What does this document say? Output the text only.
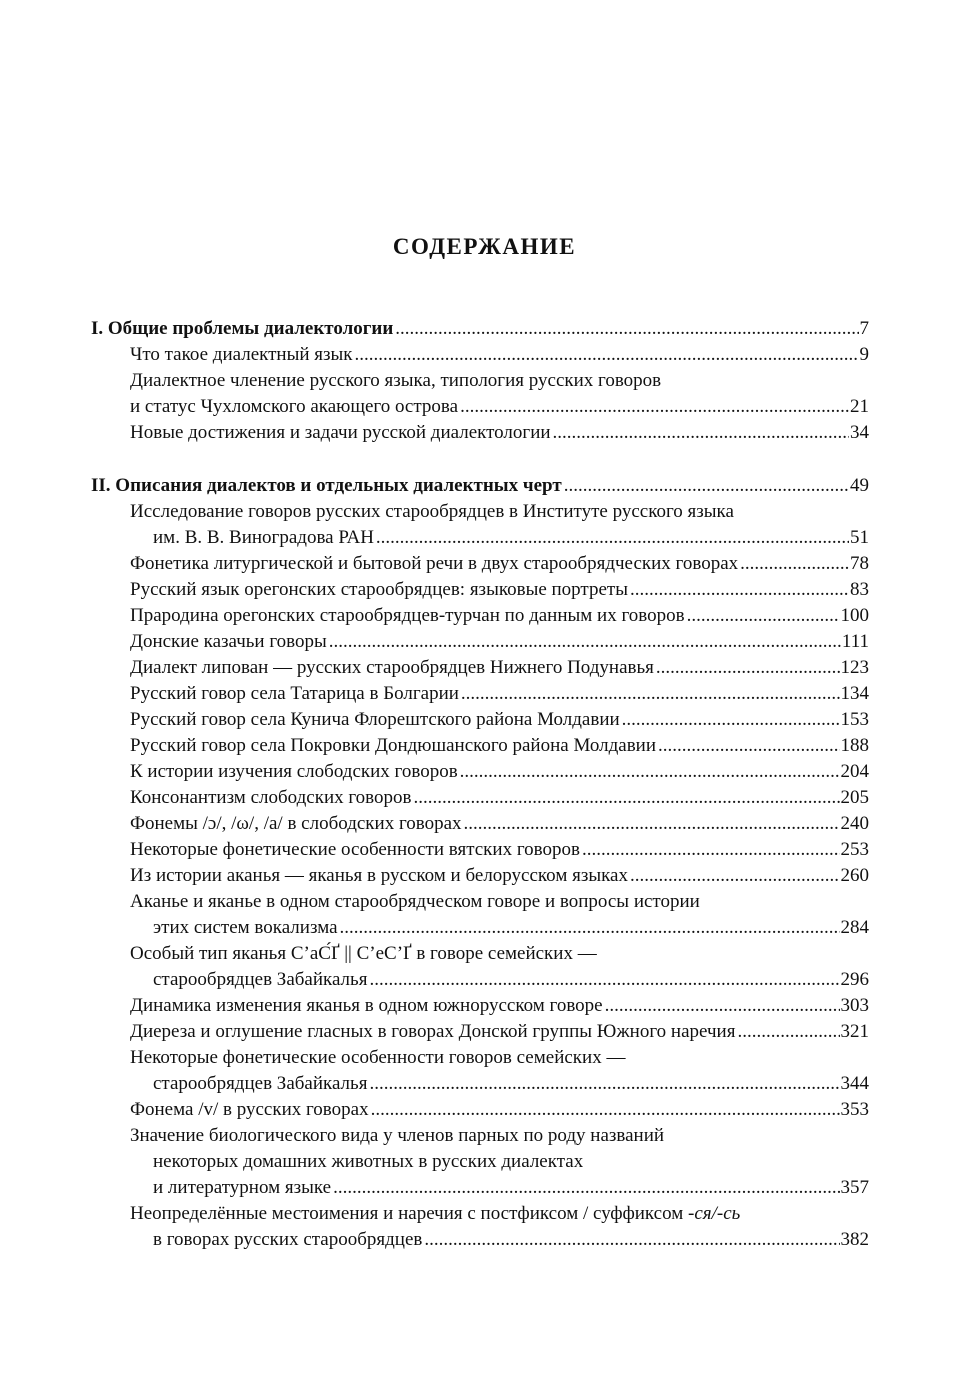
СОДЕРЖАНИЕ
I. Общие проблемы диалектологии .....	7
Что такое диалектный язык .....	9
Диалектное членение русского языка, типология русских говоров
и статус Чухломского акающего острова .....	21
Новые достижения и задачи русской диалектологии .....	34
II. Описания диалектов и отдельных диалектных черт .....	49
Исследование говоров русских старообрядцев в Институте русского языка
им. В. В. Виноградова РАН .....	51
Фонетика литургической и бытовой речи в двух старообрядческих говорах .....	78
Русский язык орегонских старообрядцев: языковые портреты .....	83
Прародина орегонских старообрядцев-турчан по данным их говоров .....	100
Донские казачьи говоры .....	111
Диалект липован — русских старообрядцев Нижнего Подунавья .....	123
Русский говор села Татарица в Болгарии .....	134
Русский говор села Кунича Флорештского района Молдавии .....	153
Русский говор села Покровки Дондюшанского района Молдавии .....	188
К истории изучения слободских говоров .....	204
Консонантизм слободских говоров .....	205
Фонемы /ɔ/, /ω/, /a/ в слободских говорах .....	240
Некоторые фонетические особенности вятских говоров .....	253
Из истории аканья — яканья в русском и белорусском языках .....	260
Аканье и яканье в одном старообрядческом говоре и вопросы истории
этих систем вокализма .....	284
Особый тип яканья С’аС́Ґ || С’еС’Ґ в говоре семейских —
старообрядцев Забайкалья .....	296
Динамика изменения яканья в одном южнорусском говоре .....	303
Диереза и оглушение гласных в говорах Донской группы Южного наречия .....	321
Некоторые фонетические особенности говоров семейских —
старообрядцев Забайкалья .....	344
Фонема /v/ в русских говорах .....	353
Значение биологического вида у членов парных по роду названий
некоторых домашних животных в русских диалектах
и литературном языке .....	357
Неопределённые местоимения и наречия с постфиксом / суффиксом -ся/-сь
в говорах русских старообрядцев .....	382
